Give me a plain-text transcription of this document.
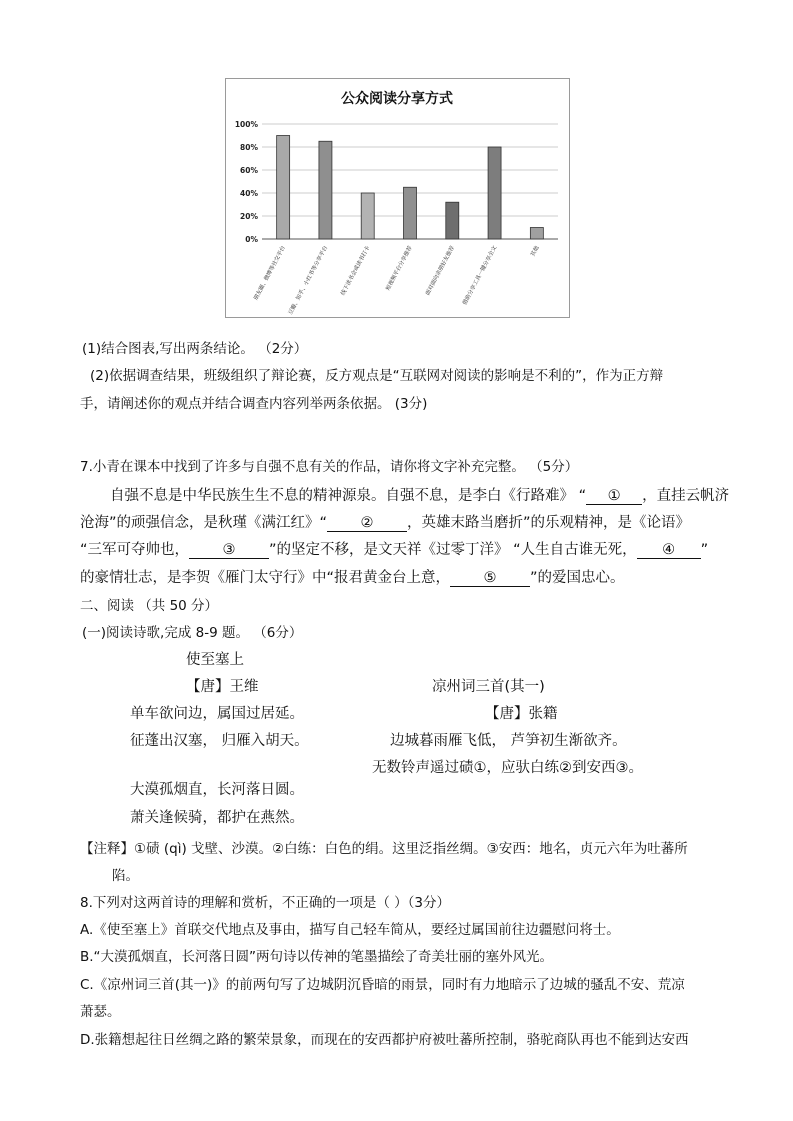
公众阅读分享方式
0%
20%
40%
60%
80%
100%
朋友圈、微博等社交平台 豆瓣、知乎、小红书等分享平台	线下读书会或读书打卡	短视频平台分享推荐	面对面向亲朋好友推荐	借助分享工具一键分享全文	其他
(1)结合图表,写出两条结论。 （2分）
(2)依据调查结果，班级组织了辩论赛，反方观点是“互联网对阅读的影响是不利的”，作为正方辩
手，请阐述你的观点并结合调查内容列举两条依据。 (3分)
7.小青在课本中找到了许多与自强不息有关的作品，请你将文字补充完整。 （5分）
自强不息是中华民族生生不息的精神源泉。自强不息，是李白《行路难》 “ ① ，直挂云帆济
沧海”的顽强信念，是秋瑾《满江红》“ ② ，英雄末路当磨折”的乐观精神，是《论语》
“三军可夺帅也， ③ ”的坚定不移，是文天祥《过零丁洋》 “人生自古谁无死， ④ ”
的豪情壮志，是李贺《雁门太守行》中“报君黄金台上意， ⑤ ”的爱国忠心。
二、阅读 （共 50 分）
(一)阅读诗歌,完成 8-9 题。 （6分）
使至塞上
【唐】王维
单车欲问边，属国过居延。
征蓬出汉塞， 归雁入胡天。
大漠孤烟直，长河落日圆。
萧关逢候骑，都护在燕然。
凉州词三首(其一)
【唐】张籍
边城暮雨雁飞低， 芦笋初生渐欲齐。
无数铃声遥过碛①，应驮白练②到安西③。
【注释】①碛 (qì) 戈壁、沙漠。②白练：白色的绢。这里泛指丝绸。③安西：地名，贞元六年为吐蕃所
陷。
8.下列对这两首诗的理解和赏析，不正确的一项是（ ）（3分）
A.《使至塞上》首联交代地点及事由，描写自己轻车简从，要经过属国前往边疆慰问将士。
B.“大漠孤烟直，长河落日圆”两句诗以传神的笔墨描绘了奇美壮丽的塞外风光。
C.《凉州词三首(其一)》的前两句写了边城阴沉昏暗的雨景，同时有力地暗示了边城的骚乱不安、荒凉
萧瑟。
D.张籍想起往日丝绸之路的繁荣景象，而现在的安西都护府被吐蕃所控制，骆驼商队再也不能到达安西
